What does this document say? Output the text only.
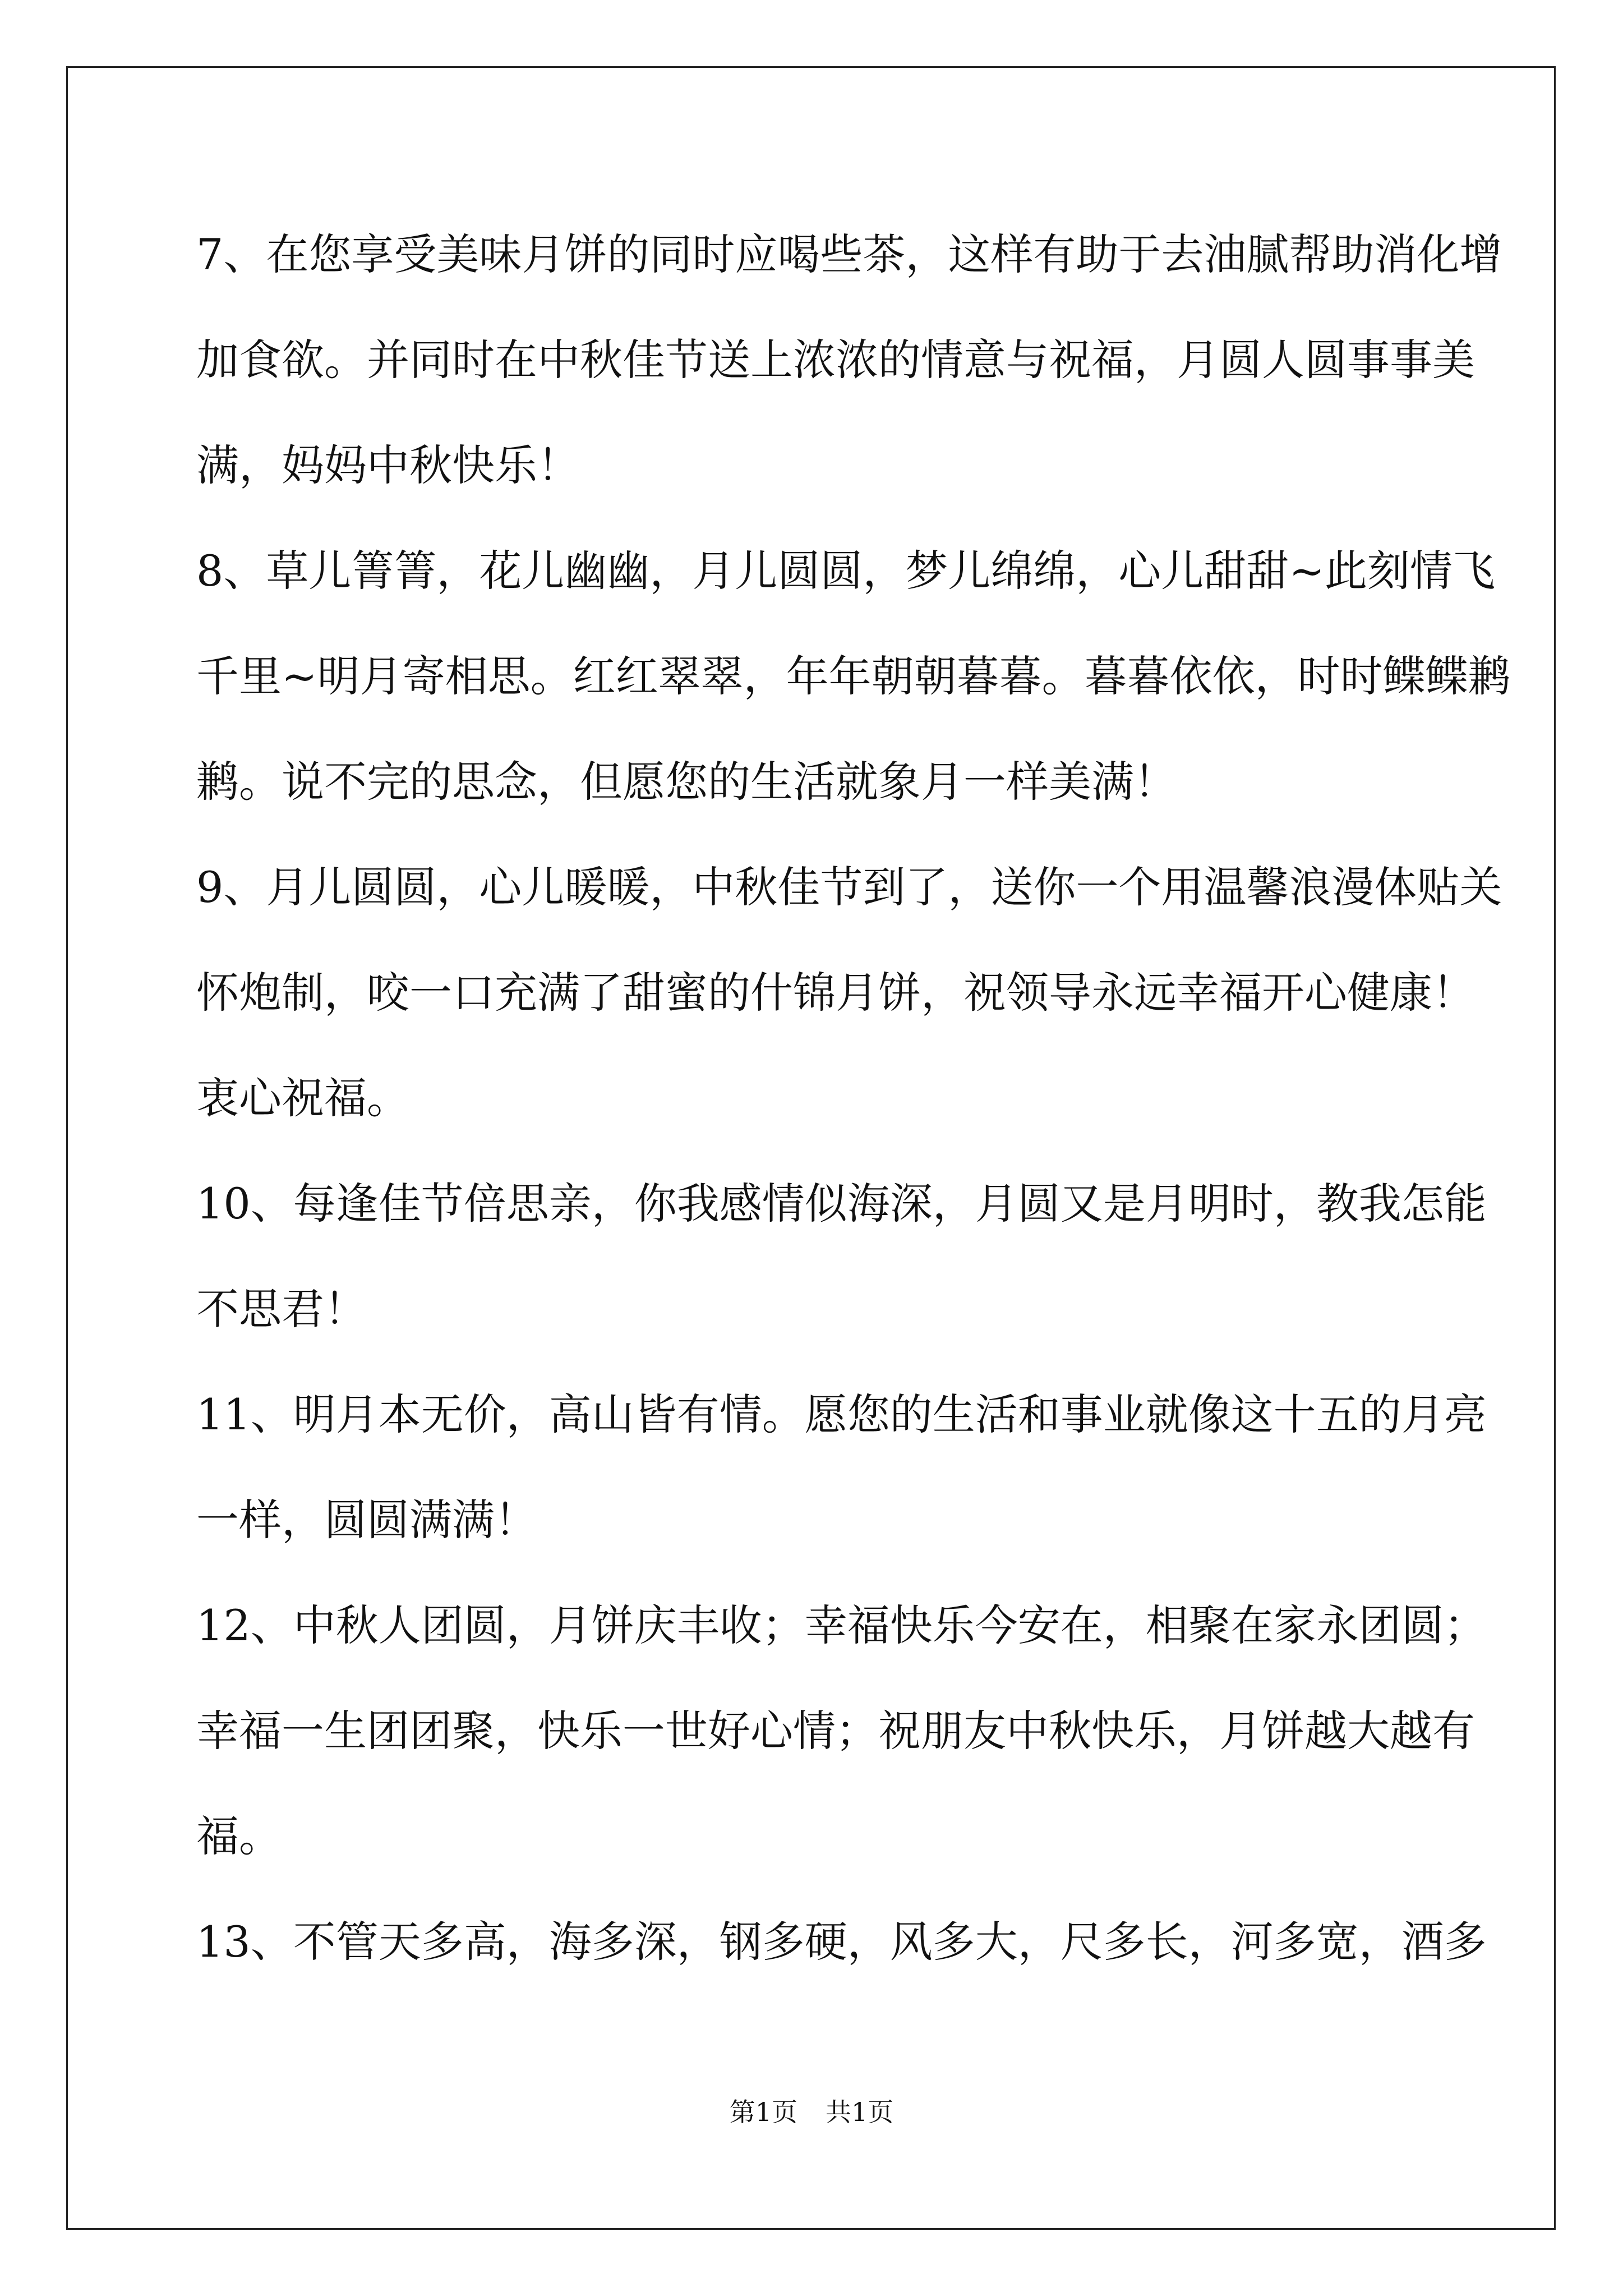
7、在您享受美味月饼的同时应喝些茶，这样有助于去油腻帮助消化增
加食欲。并同时在中秋佳节送上浓浓的情意与祝福，月圆人圆事事美
满，妈妈中秋快乐！
8、草儿箐箐，花儿幽幽，月儿圆圆，梦儿绵绵，心儿甜甜~此刻情飞
千里~明月寄相思。红红翠翠，年年朝朝暮暮。暮暮依依，时时鲽鲽鹣
鹣。说不完的思念，但愿您的生活就象月一样美满！
9、月儿圆圆，心儿暖暖，中秋佳节到了，送你一个用温馨浪漫体贴关
怀炮制，咬一口充满了甜蜜的什锦月饼，祝领导永远幸福开心健康！
衷心祝福。
10、每逢佳节倍思亲，你我感情似海深，月圆又是月明时，教我怎能
不思君！
11、明月本无价，高山皆有情。愿您的生活和事业就像这十五的月亮
一样，圆圆满满！
12、中秋人团圆，月饼庆丰收；幸福快乐今安在，相聚在家永团圆；
幸福一生团团聚，快乐一世好心情；祝朋友中秋快乐，月饼越大越有
福。
13、不管天多高，海多深，钢多硬，风多大，尺多长，河多宽，酒多
第1页 共1页
